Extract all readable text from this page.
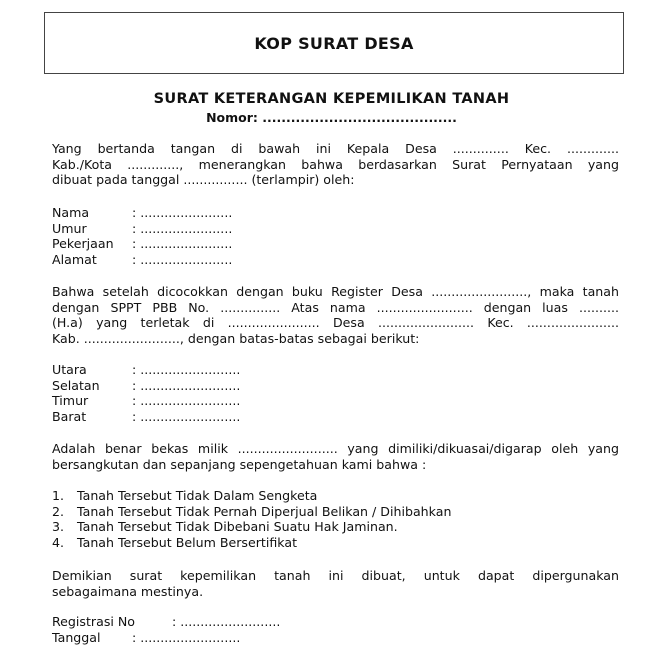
KOP SURAT DESA
SURAT KETERANGAN KEPEMILIKAN TANAH
Nomor: .........................................
Yang bertanda tangan di bawah ini Kepala Desa .............. Kec. .............
Kab./Kota ............., menerangkan bahwa berdasarkan Surat Pernyataan yang
dibuat pada tanggal ................ (terlampir) oleh:
Nama	: .......................
Umur	: .......................
Pekerjaan : .......................
Alamat	: .......................
Bahwa setelah dicocokkan dengan buku Register Desa ........................, maka tanah
dengan SPPT PBB No. ............... Atas nama ........................ dengan luas ..........
(H.a) yang terletak di ....................... Desa ........................ Kec. .......................
Kab. ........................, dengan batas-batas sebagai berikut:
Utara	: .........................
Selatan	: .........................
Timur	: .........................
Barat	: .........................
Adalah benar bekas milik ......................... yang dimiliki/dikuasai/digarap oleh yang
bersangkutan dan sepanjang sepengetahuan kami bahwa :
1. Tanah Tersebut Tidak Dalam Sengketa
2. Tanah Tersebut Tidak Pernah Diperjual Belikan / Dihibahkan
3. Tanah Tersebut Tidak Dibebani Suatu Hak Jaminan.
4. Tanah Tersebut Belum Bersertifikat
Demikian surat kepemilikan tanah ini dibuat, untuk dapat dipergunakan
sebagaimana mestinya.
Registrasi No	: .........................
Tanggal : .........................
